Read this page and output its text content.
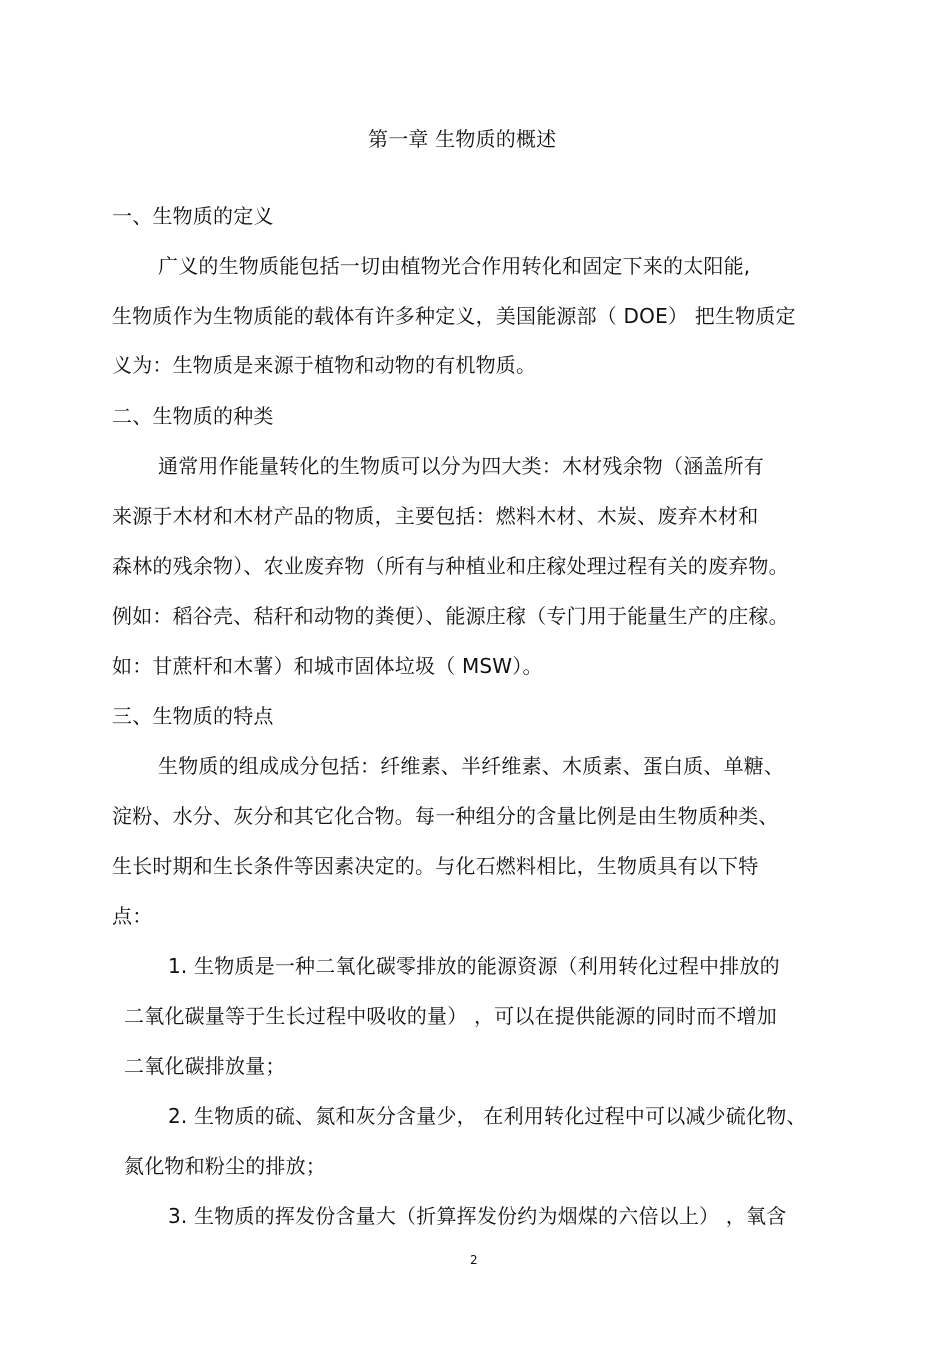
第一章 生物质的概述
一、生物质的定义
广义的生物质能包括一切由植物光合作用转化和固定下来的太阳能,
生物质作为生物质能的载体有许多种定义，美国能源部（ DOE） 把生物质定
义为：生物质是来源于植物和动物的有机物质。
二、生物质的种类
通常用作能量转化的生物质可以分为四大类：木材残余物（涵盖所有
来源于木材和木材产品的物质，主要包括：燃料木材、木炭、废弃木材和
森林的残余物）、农业废弃物（所有与种植业和庄稼处理过程有关的废弃物。
例如：稻谷壳、秸秆和动物的粪便）、能源庄稼（专门用于能量生产的庄稼。
如：甘蔗杆和木薯）和城市固体垃圾（ MSW）。
三、生物质的特点
生物质的组成成分包括：纤维素、半纤维素、木质素、蛋白质、单糖、
淀粉、水分、灰分和其它化合物。每一种组分的含量比例是由生物质种类、
生长时期和生长条件等因素决定的。与化石燃料相比，生物质具有以下特
点：
1. 生物质是一种二氧化碳零排放的能源资源（利用转化过程中排放的
二氧化碳量等于生长过程中吸收的量） ，可以在提供能源的同时而不增加
二氧化碳排放量；
2. 生物质的硫、氮和灰分含量少， 在利用转化过程中可以减少硫化物、
氮化物和粉尘的排放；
3. 生物质的挥发份含量大（折算挥发份约为烟煤的六倍以上） ，氧含
2
